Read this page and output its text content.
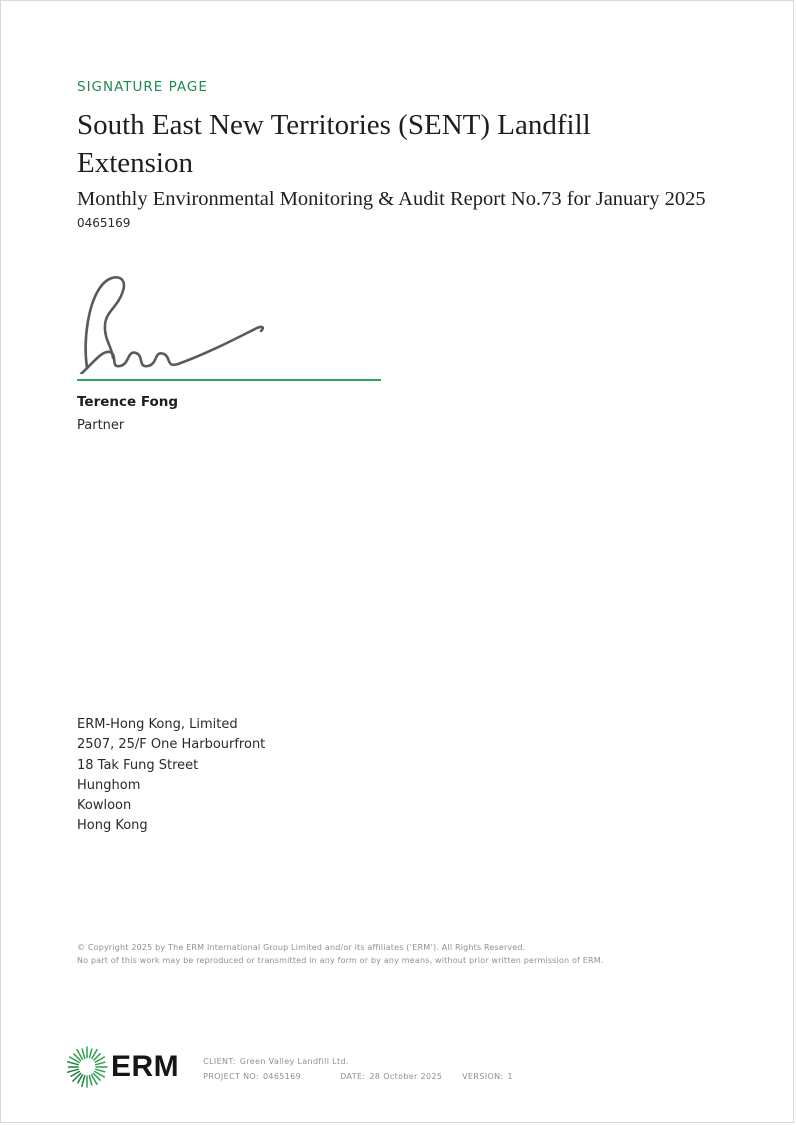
SIGNATURE PAGE
South East New Territories (SENT) Landfill Extension
Monthly Environmental Monitoring & Audit Report No.73 for January 2025
0465169
Terence Fong
Partner
ERM-Hong Kong, Limited
2507, 25/F One Harbourfront
18 Tak Fung Street
Hunghom
Kowloon
Hong Kong
© Copyright 2025 by The ERM International Group Limited and/or its affiliates (‘ERM’). All Rights Reserved.
No part of this work may be reproduced or transmitted in any form or by any means, without prior written permission of ERM.
ERM	CLIENT: Green Valley Landfill Ltd.
PROJECT NO: 0465169	DATE: 28 October 2025 VERSION: 1
